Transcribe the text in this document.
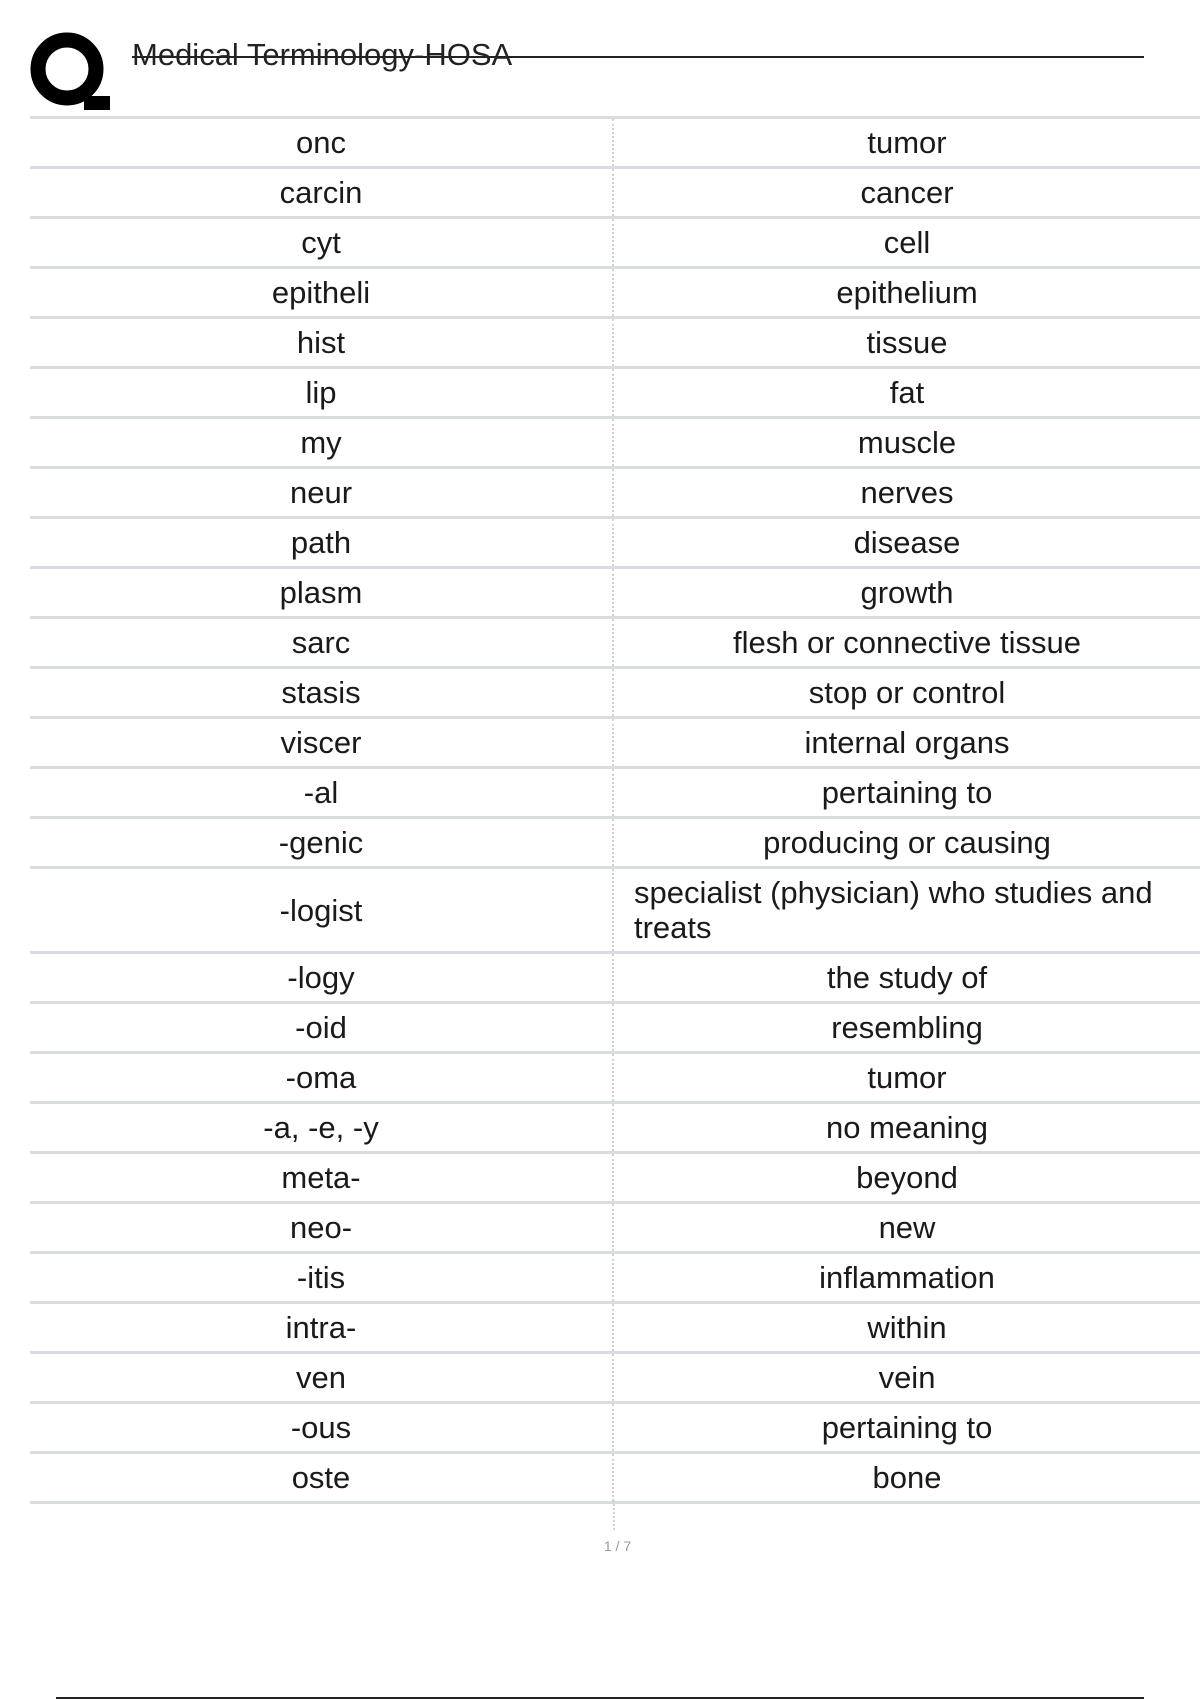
Medical Terminology-HOSA
onc	tumor
carcin	cancer
cyt	cell
epitheli	epithelium
hist	tissue
lip	fat
my	muscle
neur	nerves
path	disease
plasm	growth
sarc	flesh or connective tissue
stasis	stop or control
viscer	internal organs
-al	pertaining to
-genic	producing or causing
-logist	specialist (physician) who studies and treats
-logy	the study of
-oid	resembling
-oma	tumor
-a, -e, -y	no meaning
meta-	beyond
neo-	new
-itis	inflammation
intra-	within
ven	vein
-ous	pertaining to
oste	bone
1 / 7
